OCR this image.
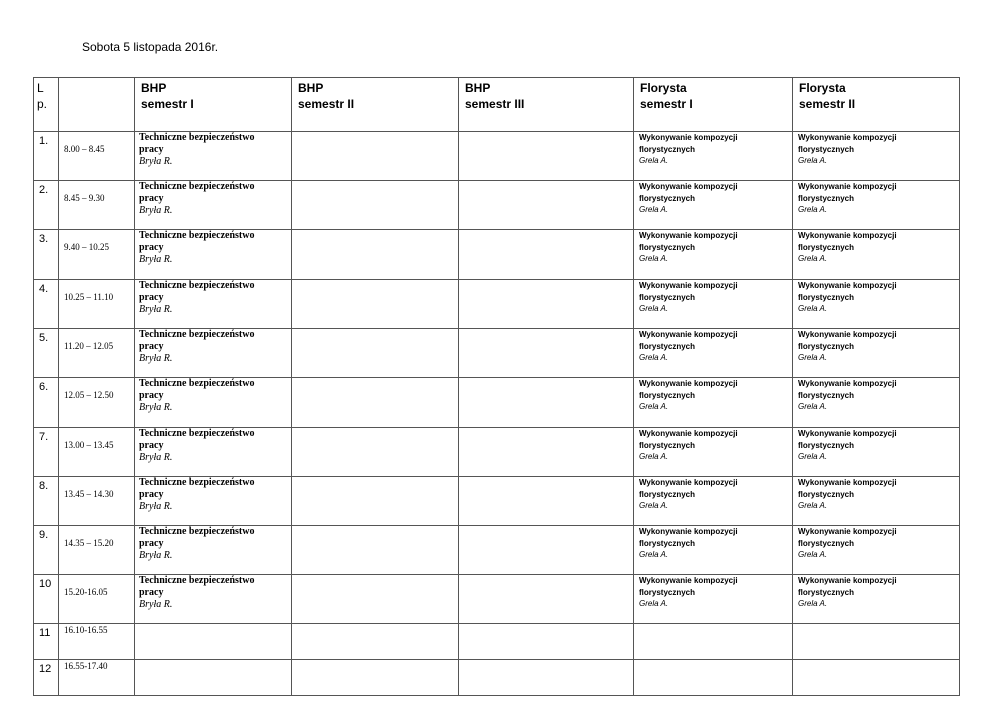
Sobota 5 listopada 2016r.
L
p.		BHP
semestr I	BHP
semestr II	BHP
semestr III	Florysta
semestr I	Florysta
semestr II

1.	8.00 – 8.45	Techniczne bezpieczeństwo
pracy
Bryła R.			Wykonywanie kompozycji
florystycznych
Grela A.	Wykonywanie kompozycji
florystycznych
Grela A.

2.	8.45 – 9.30	Techniczne bezpieczeństwo
pracy
Bryła R.			Wykonywanie kompozycji
florystycznych
Grela A.	Wykonywanie kompozycji
florystycznych
Grela A.

3.	9.40 – 10.25	Techniczne bezpieczeństwo
pracy
Bryła R.			Wykonywanie kompozycji
florystycznych
Grela A.	Wykonywanie kompozycji
florystycznych
Grela A.

4.	10.25 – 11.10	Techniczne bezpieczeństwo
pracy
Bryła R.			Wykonywanie kompozycji
florystycznych
Grela A.	Wykonywanie kompozycji
florystycznych
Grela A.

5.	11.20 – 12.05	Techniczne bezpieczeństwo
pracy
Bryła R.			Wykonywanie kompozycji
florystycznych
Grela A.	Wykonywanie kompozycji
florystycznych
Grela A.

6.	12.05 – 12.50	Techniczne bezpieczeństwo
pracy
Bryła R.			Wykonywanie kompozycji
florystycznych
Grela A.	Wykonywanie kompozycji
florystycznych
Grela A.

7.	13.00 – 13.45	Techniczne bezpieczeństwo
pracy
Bryła R.			Wykonywanie kompozycji
florystycznych
Grela A.	Wykonywanie kompozycji
florystycznych
Grela A.

8.	13.45 – 14.30	Techniczne bezpieczeństwo
pracy
Bryła R.			Wykonywanie kompozycji
florystycznych
Grela A.	Wykonywanie kompozycji
florystycznych
Grela A.

9.	14.35 – 15.20	Techniczne bezpieczeństwo
pracy
Bryła R.			Wykonywanie kompozycji
florystycznych
Grela A.	Wykonywanie kompozycji
florystycznych
Grela A.

10	15.20-16.05	Techniczne bezpieczeństwo
pracy
Bryła R.			Wykonywanie kompozycji
florystycznych
Grela A.	Wykonywanie kompozycji
florystycznych
Grela A.

11	16.10-16.55					
12	16.55-17.40					
